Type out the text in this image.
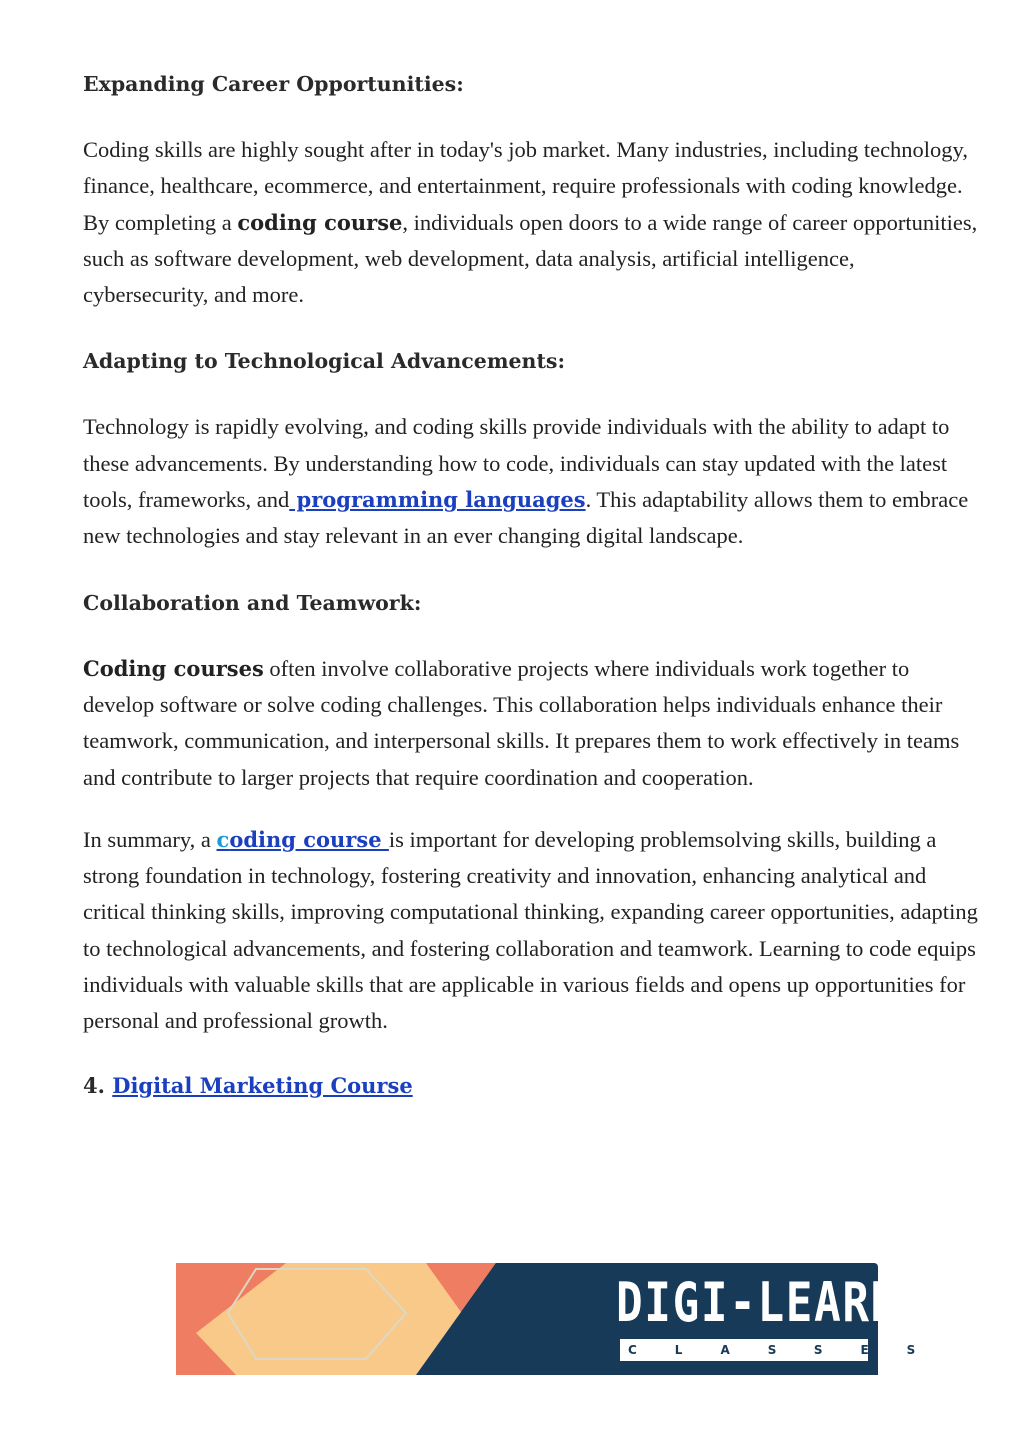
Expanding Career Opportunities:

Coding skills are highly sought after in today's job market. Many industries, including technology, finance, healthcare, ecommerce, and entertainment, require professionals with coding knowledge. By completing a coding course, individuals open doors to a wide range of career opportunities, such as software development, web development, data analysis, artificial intelligence, cybersecurity, and more.

Adapting to Technological Advancements:

Technology is rapidly evolving, and coding skills provide individuals with the ability to adapt to these advancements. By understanding how to code, individuals can stay updated with the latest tools, frameworks, and programming languages. This adaptability allows them to embrace new technologies and stay relevant in an ever changing digital landscape.

Collaboration and Teamwork:

Coding courses often involve collaborative projects where individuals work together to develop software or solve coding challenges. This collaboration helps individuals enhance their teamwork, communication, and interpersonal skills. It prepares them to work effectively in teams and contribute to larger projects that require coordination and cooperation.

In summary, a coding course is important for developing problemsolving skills, building a strong foundation in technology, fostering creativity and innovation, enhancing analytical and critical thinking skills, improving computational thinking, expanding career opportunities, adapting to technological advancements, and fostering collaboration and teamwork. Learning to code equips individuals with valuable skills that are applicable in various fields and opens up opportunities for personal and professional growth.

4. Digital Marketing Course

DIGI-LEARN
CLASSES
